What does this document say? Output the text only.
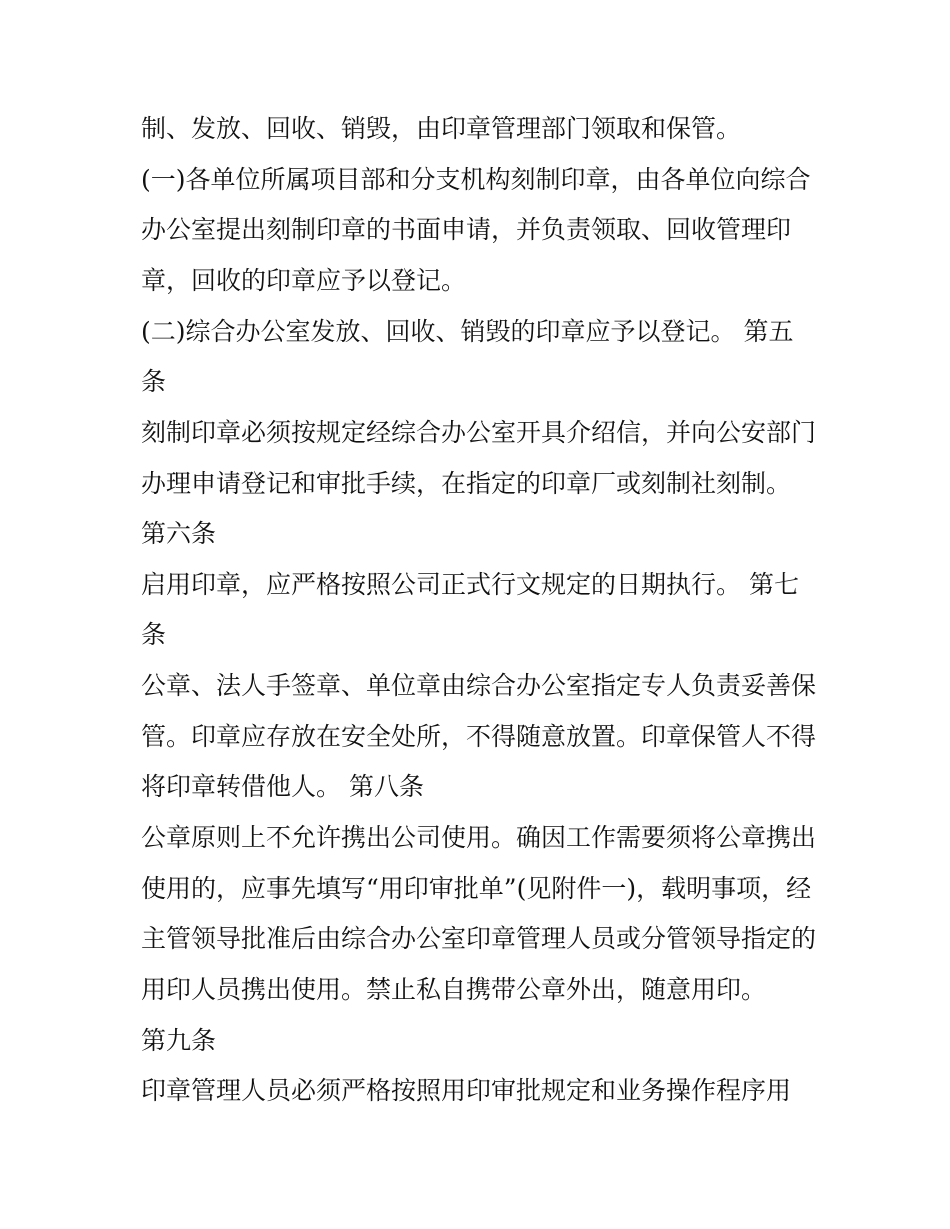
制、发放、回收、销毁，由印章管理部门领取和保管。

(一)各单位所属项目部和分支机构刻制印章，由各单位向综合

办公室提出刻制印章的书面申请，并负责领取、回收管理印

章，回收的印章应予以登记。

(二)综合办公室发放、回收、销毁的印章应予以登记。 第五

条

刻制印章必须按规定经综合办公室开具介绍信，并向公安部门

办理申请登记和审批手续，在指定的印章厂或刻制社刻制。

第六条

启用印章，应严格按照公司正式行文规定的日期执行。 第七

条

公章、法人手签章、单位章由综合办公室指定专人负责妥善保

管。印章应存放在安全处所，不得随意放置。印章保管人不得

将印章转借他人。 第八条

公章原则上不允许携出公司使用。确因工作需要须将公章携出

使用的，应事先填写“用印审批单”(见附件一)，载明事项，经

主管领导批准后由综合办公室印章管理人员或分管领导指定的

用印人员携出使用。禁止私自携带公章外出，随意用印。

第九条

印章管理人员必须严格按照用印审批规定和业务操作程序用
